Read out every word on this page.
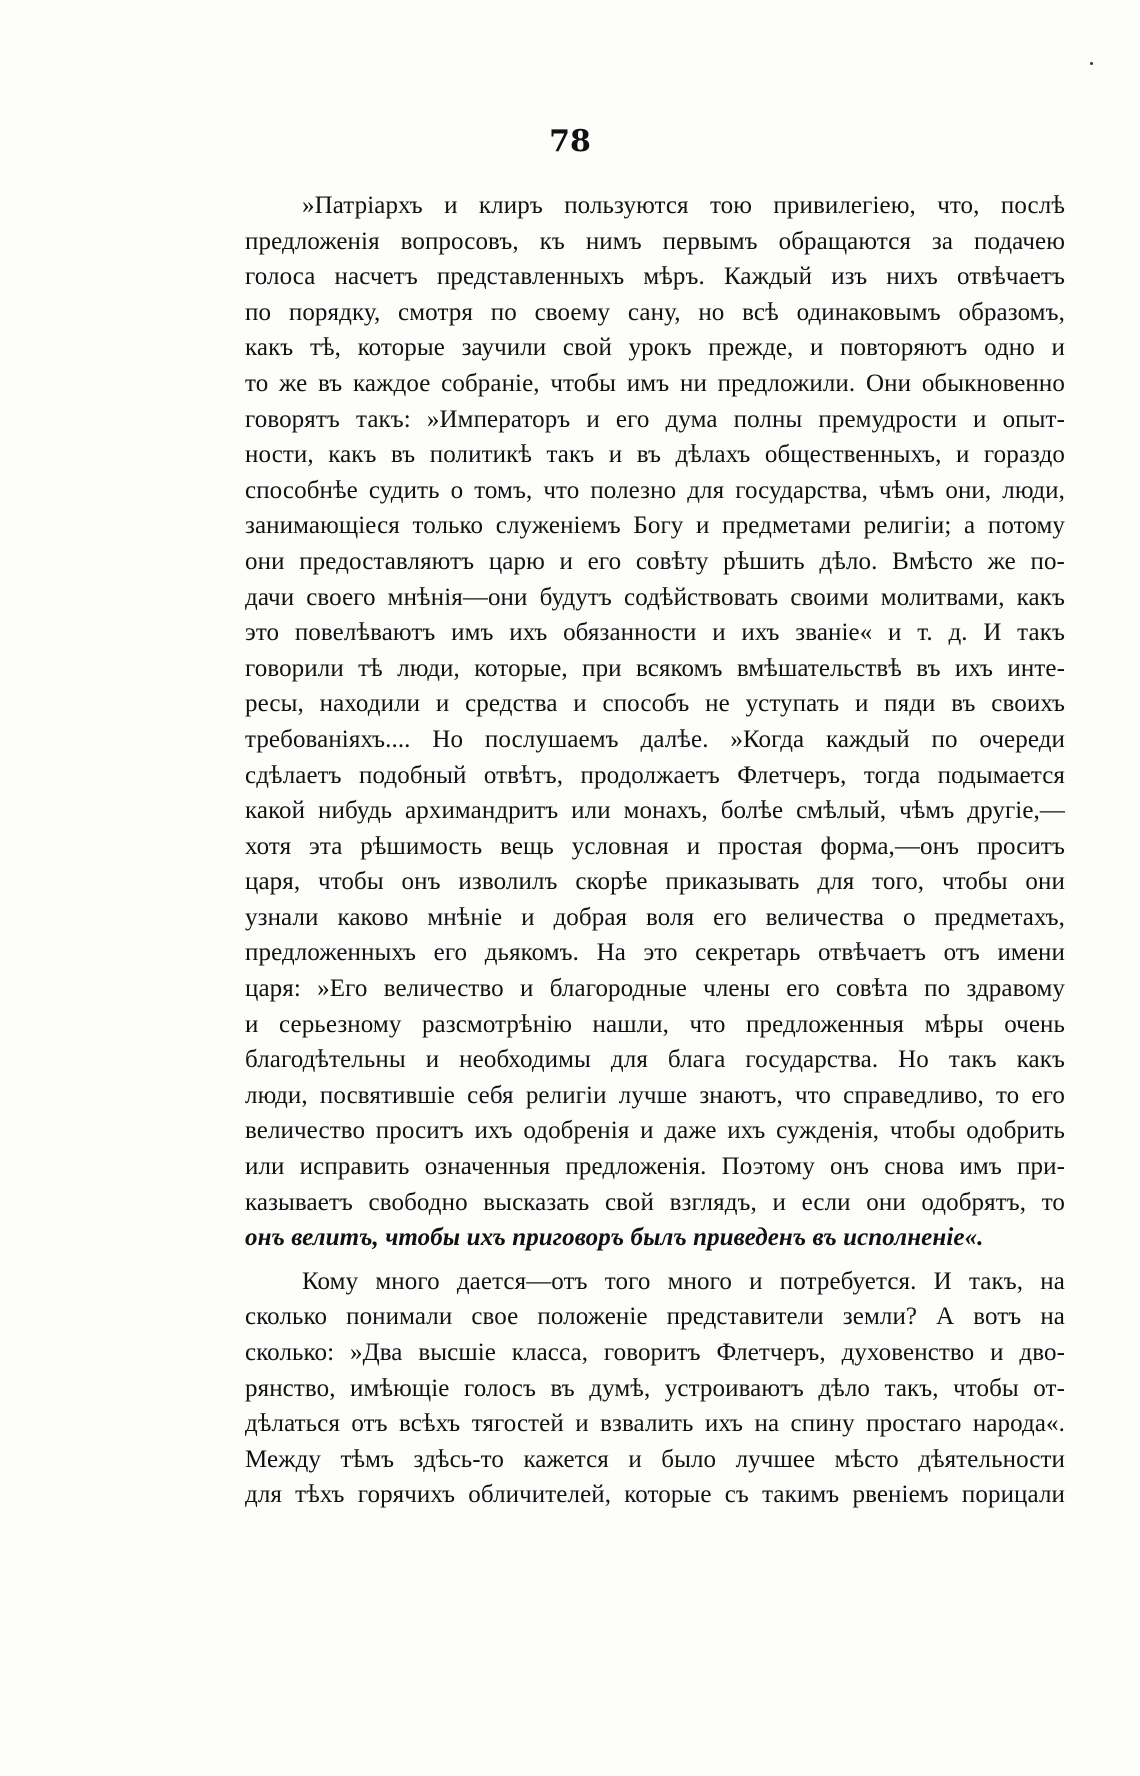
78
»Патріархъ и клиръ пользуются тою привилегіею, что, послѣ
предложенія вопросовъ, къ нимъ первымъ обращаются за подачею
голоса насчетъ представленныхъ мѣръ. Каждый изъ нихъ отвѣчаетъ
по порядку, смотря по своему сану, но всѣ одинаковымъ образомъ,
какъ тѣ, которые заучили свой урокъ прежде, и повторяютъ одно и
то же въ каждое собраніе, чтобы имъ ни предложили. Они обыкновенно
говорятъ такъ: »Императоръ и его дума полны премудрости и опыт-
ности, какъ въ политикѣ такъ и въ дѣлахъ общественныхъ, и гораздо
способнѣе судить о томъ, что полезно для государства, чѣмъ они, люди,
занимающіеся только служеніемъ Богу и предметами религіи; а потому
они предоставляютъ царю и его совѣту рѣшить дѣло. Вмѣсто же по-
дачи своего мнѣнія—они будутъ содѣйствовать своими молитвами, какъ
это повелѣваютъ имъ ихъ обязанности и ихъ званіе« и т. д. И такъ
говорили тѣ люди, которые, при всякомъ вмѣшательствѣ въ ихъ инте-
ресы, находили и средства и способъ не уступать и пяди въ своихъ
требованіяхъ.... Но послушаемъ далѣе. »Когда каждый по очереди
сдѣлаетъ подобный отвѣтъ, продолжаетъ Флетчеръ, тогда подымается
какой нибудь архимандритъ или монахъ, болѣе смѣлый, чѣмъ другіе,—
хотя эта рѣшимость вещь условная и простая форма,—онъ проситъ
царя, чтобы онъ изволилъ скорѣе приказывать для того, чтобы они
узнали каково мнѣніе и добрая воля его величества о предметахъ,
предложенныхъ его дьякомъ. На это секретарь отвѣчаетъ отъ имени
царя: »Его величество и благородные члены его совѣта по здравому
и серьезному разсмотрѣнію нашли, что предложенныя мѣры очень
благодѣтельны и необходимы для блага государства. Но такъ какъ
люди, посвятившіе себя религіи лучше знаютъ, что справедливо, то его
величество проситъ ихъ одобренія и даже ихъ сужденія, чтобы одобрить
или исправить означенныя предложенія. Поэтому онъ снова имъ при-
казываетъ свободно высказать свой взглядъ, и если они одобрятъ, то
онъ велитъ, чтобы ихъ приговоръ былъ приведенъ въ исполненіе«.
Кому много дается—отъ того много и потребуется. И такъ, на
сколько понимали свое положеніе представители земли? А вотъ на
сколько: »Два высшіе класса, говоритъ Флетчеръ, духовенство и дво-
рянство, имѣющіе голосъ въ думѣ, устроиваютъ дѣло такъ, чтобы от-
дѣлаться отъ всѣхъ тягостей и взвалить ихъ на спину простаго народа«.
Между тѣмъ здѣсь-то кажется и было лучшее мѣсто дѣятельности
для тѣхъ горячихъ обличителей, которые съ такимъ рвеніемъ порицали
